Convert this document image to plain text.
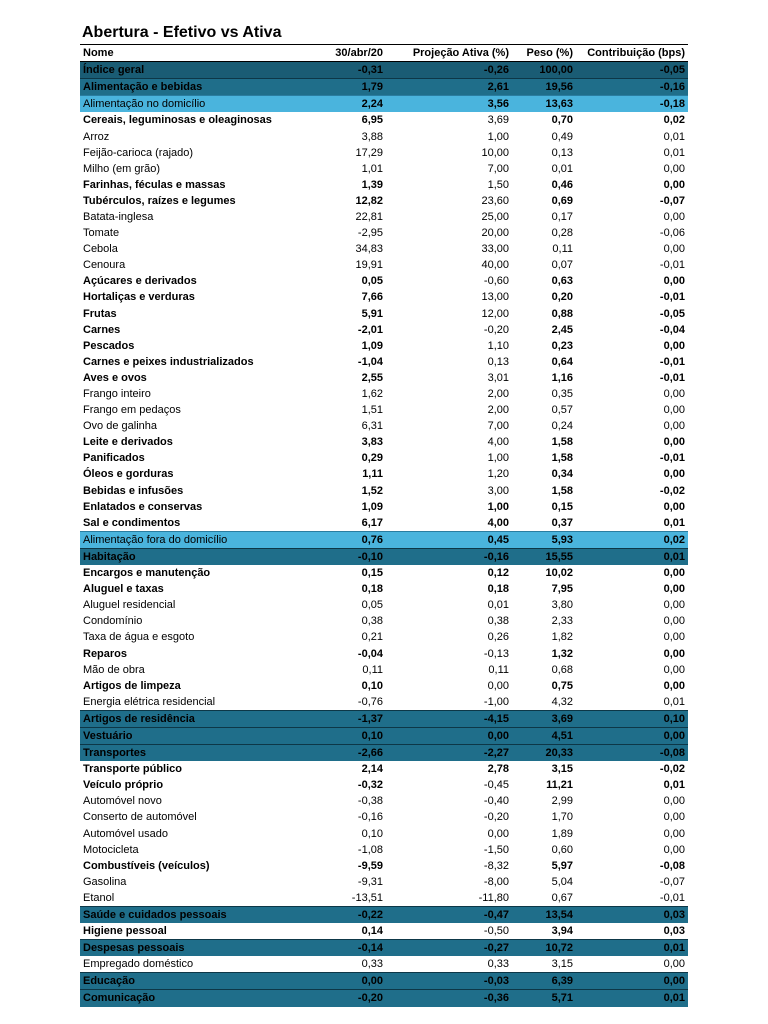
Abertura - Efetivo vs Ativa
Nome	30/abr/20	Projeção Ativa (%)	Peso (%)	Contribuição (bps)
Índice geral	-0,31	-0,26	100,00	-0,05
Alimentação e bebidas	1,79	2,61	19,56	-0,16
Alimentação no domicílio	2,24	3,56	13,63	-0,18
Cereais, leguminosas e oleaginosas	6,95	3,69	0,70	0,02
Arroz	3,88	1,00	0,49	0,01
Feijão-carioca (rajado)	17,29	10,00	0,13	0,01
Milho (em grão)	1,01	7,00	0,01	0,00
Farinhas, féculas e massas	1,39	1,50	0,46	0,00
Tubérculos, raízes e legumes	12,82	23,60	0,69	-0,07
Batata-inglesa	22,81	25,00	0,17	0,00
Tomate	-2,95	20,00	0,28	-0,06
Cebola	34,83	33,00	0,11	0,00
Cenoura	19,91	40,00	0,07	-0,01
Açúcares e derivados	0,05	-0,60	0,63	0,00
Hortaliças e verduras	7,66	13,00	0,20	-0,01
Frutas	5,91	12,00	0,88	-0,05
Carnes	-2,01	-0,20	2,45	-0,04
Pescados	1,09	1,10	0,23	0,00
Carnes e peixes industrializados	-1,04	0,13	0,64	-0,01
Aves e ovos	2,55	3,01	1,16	-0,01
Frango inteiro	1,62	2,00	0,35	0,00
Frango em pedaços	1,51	2,00	0,57	0,00
Ovo de galinha	6,31	7,00	0,24	0,00
Leite e derivados	3,83	4,00	1,58	0,00
Panificados	0,29	1,00	1,58	-0,01
Óleos e gorduras	1,11	1,20	0,34	0,00
Bebidas e infusões	1,52	3,00	1,58	-0,02
Enlatados e conservas	1,09	1,00	0,15	0,00
Sal e condimentos	6,17	4,00	0,37	0,01
Alimentação fora do domicílio	0,76	0,45	5,93	0,02
Habitação	-0,10	-0,16	15,55	0,01
Encargos e manutenção	0,15	0,12	10,02	0,00
Aluguel e taxas	0,18	0,18	7,95	0,00
Aluguel residencial	0,05	0,01	3,80	0,00
Condomínio	0,38	0,38	2,33	0,00
Taxa de água e esgoto	0,21	0,26	1,82	0,00
Reparos	-0,04	-0,13	1,32	0,00
Mão de obra	0,11	0,11	0,68	0,00
Artigos de limpeza	0,10	0,00	0,75	0,00
Energia elétrica residencial	-0,76	-1,00	4,32	0,01
Artigos de residência	-1,37	-4,15	3,69	0,10
Vestuário	0,10	0,00	4,51	0,00
Transportes	-2,66	-2,27	20,33	-0,08
Transporte público	2,14	2,78	3,15	-0,02
Veículo próprio	-0,32	-0,45	11,21	0,01
Automóvel novo	-0,38	-0,40	2,99	0,00
Conserto de automóvel	-0,16	-0,20	1,70	0,00
Automóvel usado	0,10	0,00	1,89	0,00
Motocicleta	-1,08	-1,50	0,60	0,00
Combustíveis (veículos)	-9,59	-8,32	5,97	-0,08
Gasolina	-9,31	-8,00	5,04	-0,07
Etanol	-13,51	-11,80	0,67	-0,01
Saúde e cuidados pessoais	-0,22	-0,47	13,54	0,03
Higiene pessoal	0,14	-0,50	3,94	0,03
Despesas pessoais	-0,14	-0,27	10,72	0,01
Empregado doméstico	0,33	0,33	3,15	0,00
Educação	0,00	-0,03	6,39	0,00
Comunicação	-0,20	-0,36	5,71	0,01
